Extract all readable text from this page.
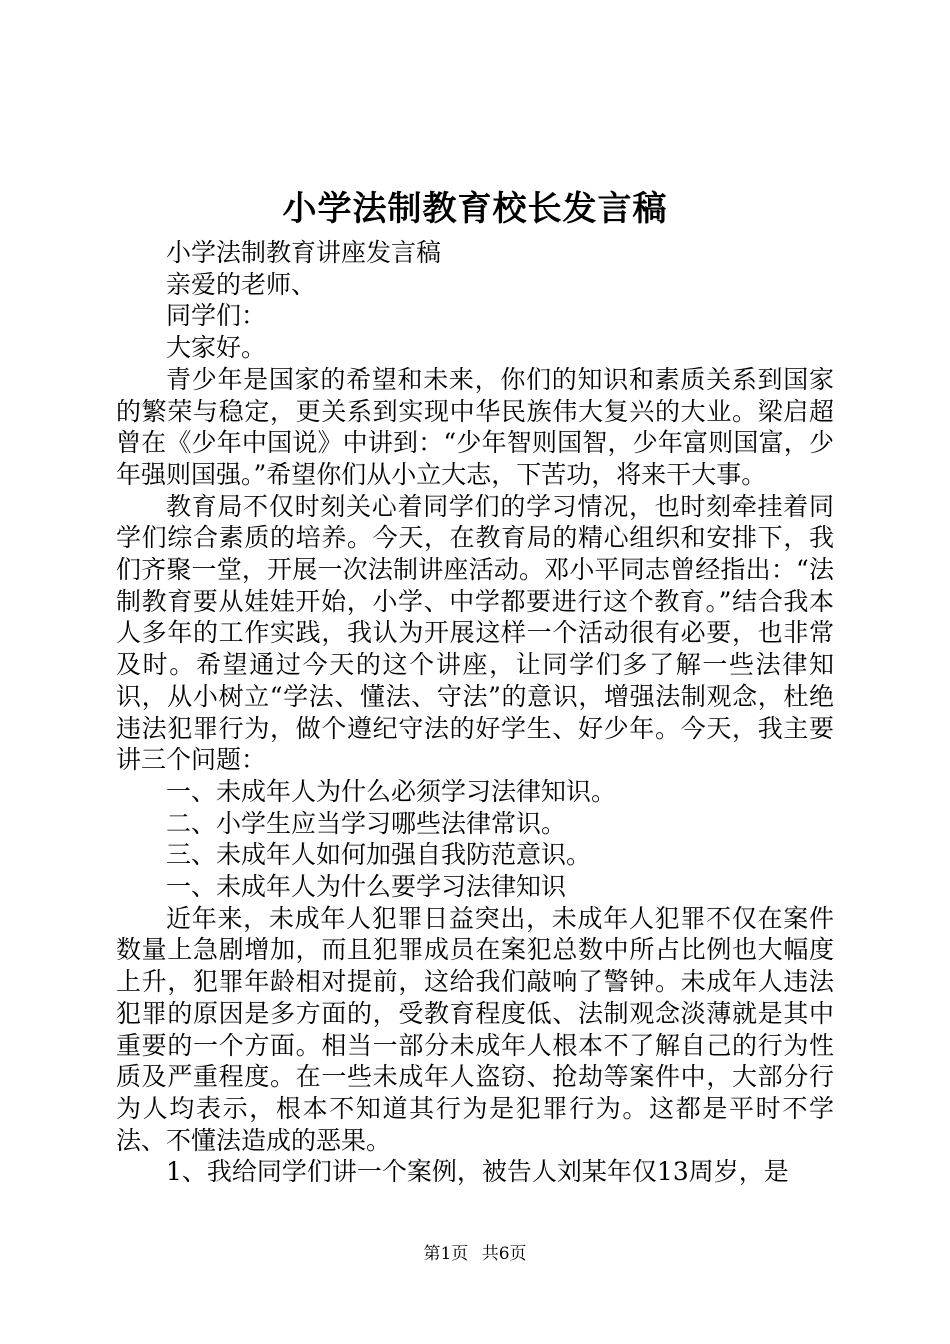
小学法制教育校长发言稿

小学法制教育讲座发言稿

亲爱的老师、

同学们：

大家好。

青少年是国家的希望和未来，你们的知识和素质关系到国家的繁荣与稳定，更关系到实现中华民族伟大复兴的大业。梁启超曾在《少年中国说》中讲到：“少年智则国智，少年富则国富，少年强则国强。”希望你们从小立大志，下苦功，将来干大事。

教育局不仅时刻关心着同学们的学习情况，也时刻牵挂着同学们综合素质的培养。今天，在教育局的精心组织和安排下，我们齐聚一堂，开展一次法制讲座活动。邓小平同志曾经指出：“法制教育要从娃娃开始，小学、中学都要进行这个教育。”结合我本人多年的工作实践，我认为开展这样一个活动很有必要，也非常及时。希望通过今天的这个讲座，让同学们多了解一些法律知识，从小树立“学法、懂法、守法”的意识，增强法制观念，杜绝违法犯罪行为，做个遵纪守法的好学生、好少年。今天，我主要讲三个问题：

一、未成年人为什么必须学习法律知识。

二、小学生应当学习哪些法律常识。

三、未成年人如何加强自我防范意识。

一、未成年人为什么要学习法律知识

近年来，未成年人犯罪日益突出，未成年人犯罪不仅在案件数量上急剧增加，而且犯罪成员在案犯总数中所占比例也大幅度上升，犯罪年龄相对提前，这给我们敲响了警钟。未成年人违法犯罪的原因是多方面的，受教育程度低、法制观念淡薄就是其中重要的一个方面。相当一部分未成年人根本不了解自己的行为性质及严重程度。在一些未成年人盗窃、抢劫等案件中，大部分行为人均表示，根本不知道其行为是犯罪行为。这都是平时不学法、不懂法造成的恶果。

1、我给同学们讲一个案例，被告人刘某年仅13周岁，是

第1页 共6页
